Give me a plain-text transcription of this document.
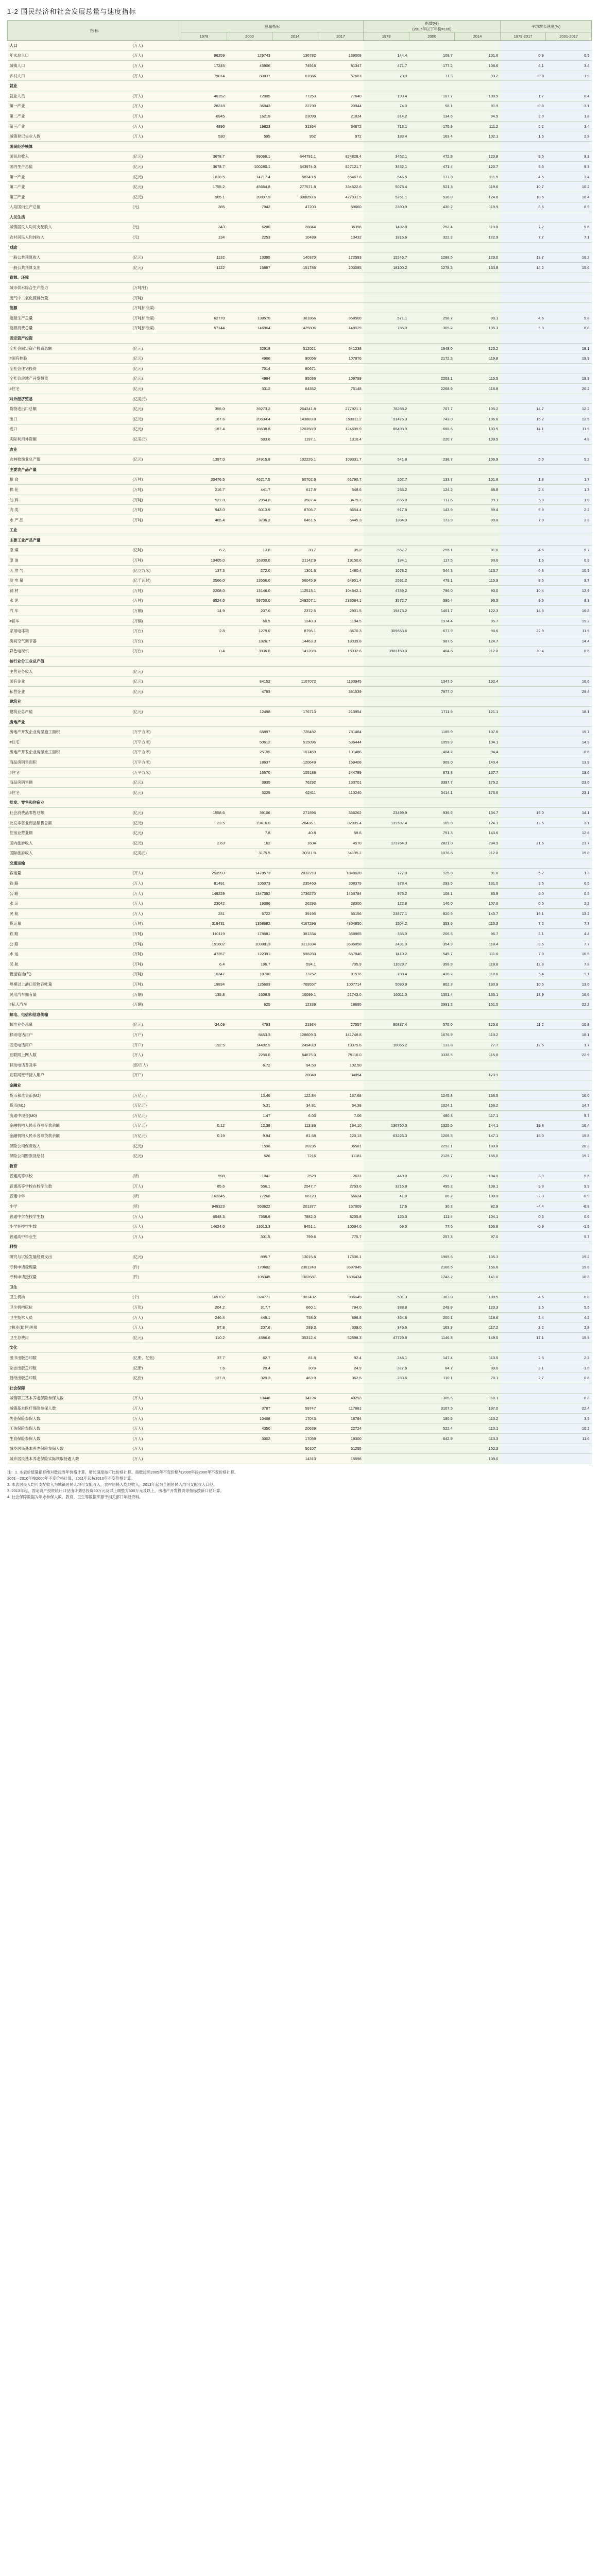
1-2 国民经济和社会发展总量与速度指标
指 标		总量指标				指数(%)
(2017年以下年份=100)			平均增长速度(%)	
		1978	2000	2014	2017	1978	2000	2014	1979-2017	2001-2017
人口	(万人)									
年末总人口	(万人)	96259	126743	136782	139008	144.4	109.7	101.6	0.9	0.5
城镇人口	(万人)	17245	45906	74916	81347	471.7	177.2	108.6	4.1	3.4
乡村人口	(万人)	79014	80837	61866	57661	73.0	71.3	93.2	-0.8	-1.9
就业										
就业人员	(万人)	40152	72085	77253	77640	193.4	107.7	100.5	1.7	0.4
第一产业	(万人)	28318	36043	22790	20944	74.0	58.1	91.9	-0.8	-3.1
第二产业	(万人)	6945	16219	23099	21824	314.2	134.6	94.5	3.0	1.8
第三产业	(万人)	4890	19823	31364	34872	713.1	175.9	111.2	5.2	3.4
城镇登记失业人数	(万人)	530	595	952	972	183.4	163.4	102.1	1.6	2.9
国民经济核算										
国民总收入	(亿元)	3678.7	99066.1	644791.1	824828.4	3452.1	472.9	120.8	9.5	9.3
国内生产总值	(亿元)	3678.7	100280.1	643974.0	827121.7	3452.1	471.4	120.7	9.5	9.3
第一产业	(亿元)	1018.5	14717.4	58343.5	65467.6	546.5	177.0	111.5	4.5	3.4
第二产业	(亿元)	1755.2	45664.8	277571.8	334622.6	5078.4	521.3	119.6	10.7	10.2
第三产业	(亿元)	905.1	39897.9	308058.6	427031.5	5261.1	536.8	124.6	10.5	10.4
人均国内生产总值	(元)	385	7942	47203	59660	2390.9	430.2	119.9	8.5	8.9
人民生活										
城镇居民人均可支配收入	(元)	343	6280	28844	36396	1402.8	252.4	119.8	7.2	5.6
农村居民人均纯收入	(元)	134	2253	10489	13432	1816.6	322.2	122.9	7.7	7.1
财政										
一般公共预算收入	(亿元)	1132	13395	140370	172593	15246.7	1288.5	123.0	13.7	16.2
一般公共预算支出	(亿元)	1122	15887	151786	203085	18100.2	1278.3	133.8	14.2	15.6
资源、环境										
城市供水综合生产能力	(万吨/日)									
废气中二氧化硫排放量	(万吨)									
能源	(万吨标准煤)									
能源生产总量	(万吨标准煤)	62770	138570	361866	358500	571.1	258.7	99.1	4.6	5.8
能源消费总量	(万吨标准煤)	57144	146964	425806	448529	785.0	305.2	105.3	5.3	6.8
固定资产投资										
全社会固定资产投资总额	(亿元)		32918	512021	641238		1948.0	125.2		19.1
#国有控股	(亿元)		4966	90056	107876		2172.3	119.8		19.9
全社会住宅投资	(亿元)		7014	80671						
全社会房地产开发投资	(亿元)		4984	95036	109799		2203.1	115.5		19.9
#住宅	(亿元)		3312	64352	75148		2268.9	116.8		20.2
对外经济贸易	(亿美元)									
货物进出口总额	(亿元)	355.0	39273.2	264241.8	277921.1	78288.2	707.7	105.2	14.7	12.2
出口	(亿元)	167.6	20634.4	143883.8	153311.2	91475.3	743.0	106.6	15.2	12.5
进口	(亿元)	187.4	18638.8	120358.0	124609.9	66493.9	668.6	103.5	14.1	11.9
实际利用外资额	(亿美元)		593.6	1197.1	1310.4		220.7	109.5		4.8
农业										
农林牧渔业总产值	(亿元)	1397.0	24915.8	102226.1	109331.7	541.8	238.7	106.9	5.0	5.2
主要农产品产量										
粮 食	(万吨)	30476.5	46217.5	60702.6	61790.7	202.7	133.7	101.8	1.8	1.7
棉 花	(万吨)	216.7	441.7	617.8	548.6	253.2	124.2	88.8	2.4	1.3
油 料	(万吨)	521.8	2954.8	3507.4	3475.2	666.0	117.6	99.1	5.0	1.0
肉 类	(万吨)	943.0	6013.9	8706.7	8654.4	917.8	143.9	99.4	5.9	2.2
水 产 品	(万吨)	465.4	3706.2	6461.5	6445.3	1384.9	173.9	99.8	7.0	3.3
工业										
主要工业产品产量										
原 煤	(亿吨)	6.2	13.8	38.7	35.2	567.7	255.1	91.0	4.6	5.7
原 油	(万吨)	10405.0	16300.0	21142.9	19150.6	184.1	117.5	90.6	1.6	0.9
天 然 气	(亿立方米)	137.3	272.0	1301.6	1480.4	1078.2	544.3	113.7	6.3	10.5
发 电 量	(亿千瓦时)	2566.0	13556.0	56045.9	64951.4	2531.2	479.1	115.9	8.6	9.7
钢 材	(万吨)	2208.0	13146.0	112513.1	104642.1	4739.2	796.0	93.0	10.4	12.9
水 泥	(万吨)	6524.0	59700.0	249207.1	233084.1	3572.7	390.4	93.5	9.6	8.3
汽 车	(万辆)	14.9	207.0	2372.5	2901.5	19473.2	1401.7	122.3	14.5	16.8
#轿车	(万辆)		60.5	1248.3	1194.5		1974.4	95.7		19.2
家用电冰箱	(万台)	2.8	1279.0	8796.1	8670.3	309653.6	677.9	98.6	22.9	11.9
房间空气调节器	(万台)		1826.7	14463.3	18039.8		987.6	124.7		14.4
彩色电视机	(万台)	0.4	3936.0	14128.9	15932.6	3983150.0	404.8	112.8	30.4	8.6
按行业分工业总产值										
主营业务收入	(亿元)									
国有企业	(亿元)		84152	1107072	1133945		1347.5	102.4		16.6
私营企业	(亿元)		4783		381539		7977.0			29.4
建筑业										
建筑业总产值	(亿元)		12498	176713	213954		1711.9	121.1		18.1
房地产业										
房地产开发企业房屋施工面积	(万平方米)		65897	726482	781484		1185.9	107.6		15.7
#住宅	(万平方米)		50612	515096	536444		1059.9	104.1		14.9
房地产开发企业房屋竣工面积	(万平方米)		25105	107459	101486		404.2	94.4		8.6
商品房销售面积	(万平方米)		18637	120649	169408		909.0	140.4		13.9
#住宅	(万平方米)		16570	105188	144789		873.8	137.7		13.6
商品房销售额	(亿元)		3935	76292	133701		3397.7	175.2		23.0
#住宅	(亿元)		3229	62411	110240		3414.1	176.6		23.1
批发、零售和住宿业										
社会消费品零售总额	(亿元)	1558.6	39106	271896	366262	23499.9	936.6	134.7	15.0	14.1
批发零售业商品销售总额	(亿元)	23.5	19416.0	26436.1	32805.4	139597.4	169.0	124.1	13.5	3.1
住宿业营业额	(亿元)		7.8	40.8	58.6		751.3	143.6		12.6
国内旅游收入	(亿元)	2.63	162	1604	4570	173764.3	2821.0	284.9	21.6	21.7
国际旅游收入	(亿美元)		3175.5	30311.9	34195.2		1076.8	112.8		15.0
交通运输										
客运量	(万人)	253993	1478573	2032218	1848620	727.8	125.0	91.0	5.2	1.3
铁 路	(万人)	81491	105073	235460	308379	378.4	293.5	131.0	3.5	6.5
公 路	(万人)	149229	1347392	1736270	1456784	976.2	108.1	83.9	6.0	0.5
水 运	(万人)	23042	19386	26293	28300	122.8	146.0	107.6	0.5	2.2
民 航	(万人)	231	6722	39195	55156	23877.1	820.5	140.7	15.1	13.2
货运量	(万吨)	319431	1358682	4167296	4804850	1504.2	353.6	115.3	7.2	7.7
铁 路	(万吨)	110119	178581	381334	368865	335.0	206.6	96.7	3.1	4.4
公 路	(万吨)	151602	1038813	3113334	3686858	2431.9	354.9	118.4	8.5	7.7
水 运	(万吨)	47357	122391	598283	667846	1410.2	545.7	111.6	7.0	10.5
民 航	(万吨)	6.4	196.7	594.1	705.9	11029.7	358.9	118.8	12.8	7.8
管道输油(气)	(万吨)	10347	18700	73752	81576	788.4	436.2	110.6	5.4	9.1
规模以上港口货物吞吐量	(万吨)	19834	125603	769557	1007714	5080.9	802.3	130.9	10.6	13.0
民用汽车拥有量	(万辆)	135.8	1608.9	16099.1	21743.0	16011.0	1351.4	135.1	13.9	16.6
#私人汽车	(万辆)		625	12339	18695		2991.2	151.5		22.2
邮电、电信和信息传输										
邮电业务总量	(亿元)	34.09	4793	21934	27557	80837.4	575.0	125.6	11.2	10.8
移动电话用户	(万户)		8453.3	128609.3	141748.8		1676.9	110.2		18.1
固定电话用户	(万户)	192.5	14482.9	24943.0	19375.6	10065.2	133.8	77.7	12.5	1.7
互联网上网人数	(万人)		2250.0	64875.0	75116.0		3338.5	115.8		22.9
移动电话普及率	(部/百人)		6.72	94.53	102.50					
互联网宽带接入用户	(万户)			20048	34854			173.9		
金融业										
货币和准货币(M2)	(万亿元)		13.46	122.84	167.68		1245.8	136.5		16.0
货币(M1)	(万亿元)		5.31	34.81	54.38		1024.1	156.2		14.7
流通中现金(M0)	(万亿元)		1.47	6.03	7.06		480.3	117.1		9.7
金融机构人民币各项存款余额	(万亿元)	0.12	12.38	113.86	164.10	136750.0	1325.5	144.1	19.8	16.4
金融机构人民币各项贷款余额	(万亿元)	0.19	9.94	81.68	120.13	63226.3	1208.5	147.1	18.0	15.8
保险公司保费收入	(亿元)		1596	20235	36581		2292.1	180.8		20.3
保险公司赔款及给付	(亿元)		526	7216	11181		2125.7	155.0		19.7
教育										
普通高等学校	(所)	598	1041	2529	2631	440.0	252.7	104.0	3.9	5.6
普通高等学校在校学生数	(万人)	85.6	556.1	2547.7	2753.6	3216.8	495.2	108.1	9.3	9.9
普通中学	(所)	162345	77268	66123	66624	41.0	86.2	100.8	-2.3	-0.9
小学	(所)	949323	553622	201377	167009	17.6	30.2	82.9	-4.4	-6.8
普通中学在校学生数	(万人)	6548.3	7368.9	7882.0	8205.8	125.3	111.4	104.1	0.6	0.6
小学在校学生数	(万人)	14624.0	13013.3	9451.1	10094.0	69.0	77.6	106.8	-0.9	-1.5
普通高中毕业生	(万人)		301.5	799.6	775.7		257.3	97.0		5.7
科技										
研究与试验发展经费支出	(亿元)		895.7	13015.6	17606.1		1965.6	135.3		19.2
专利申请受理量	(件)		170682	2361243	3697845		2166.5	156.6		19.8
专利申请授权量	(件)		105345	1302687	1836434		1743.2	141.0		18.3
卫生										
卫生机构	(个)	169732	324771	981432	986649	581.3	303.8	100.5	4.6	6.8
卫生机构床位	(万张)	204.2	317.7	660.1	794.0	388.8	249.9	120.3	3.5	5.5
卫生技术人员	(万人)	246.4	449.1	758.0	898.8	364.8	200.1	118.6	3.4	4.2
#执业(助理)医师	(万人)	97.8	207.6	289.3	339.0	346.6	163.3	117.2	3.2	2.9
卫生总费用	(亿元)	110.2	4586.6	35312.4	52598.3	47729.8	1146.8	149.0	17.1	15.5
文化										
图书出版总印数	(亿册、亿张)	37.7	62.7	81.8	92.4	245.1	147.4	113.0	2.3	2.3
杂志出版总印数	(亿册)	7.6	29.4	30.9	24.9	327.6	84.7	80.6	3.1	-1.0
报纸出版总印数	(亿份)	127.8	329.3	463.9	362.5	283.6	110.1	78.1	2.7	0.6
社会保障										
城镇职工基本养老保险参保人数	(万人)		10448	34124	40293		385.6	118.1		8.3
城镇基本医疗保险参保人数	(万人)		3787	59747	117681		3107.5	197.0		22.4
失业保险参保人数	(万人)		10408	17043	18784		180.5	110.2		3.5
工伤保险参保人数	(万人)		4350	20639	22724		522.4	110.1		10.2
生育保险参保人数	(万人)		3002	17039	19300		642.9	113.3		11.6
城乡居民基本养老保险参保人数	(万人)			50107	51255			102.3		
城乡居民基本养老保险实际领取待遇人数	(万人)			14313	15598			109.0		
注：1. 本表价值量指标绝对数按当年价格计算，增长速度按可比价格计算。指数按照2005年不变价格与2000年按2000年不变价格计算。
2001—2010年按2000年不变价格计算，2011年起按2010年不变价格计算。
2. 本表居民人均可支配收入为城镇居民人均可支配收入，农村居民人均纯收入，2013年起为全国居民人均可支配收入口径。
3. 2013年起，固定资产投资统计口径由计划总投资50万元及以上调整为500万元及以上，房地产开发投资等指标按新口径计算。
4. 社会保障数据为年末参保人数，教育、卫生等数据来源于相关部门年报资料。
